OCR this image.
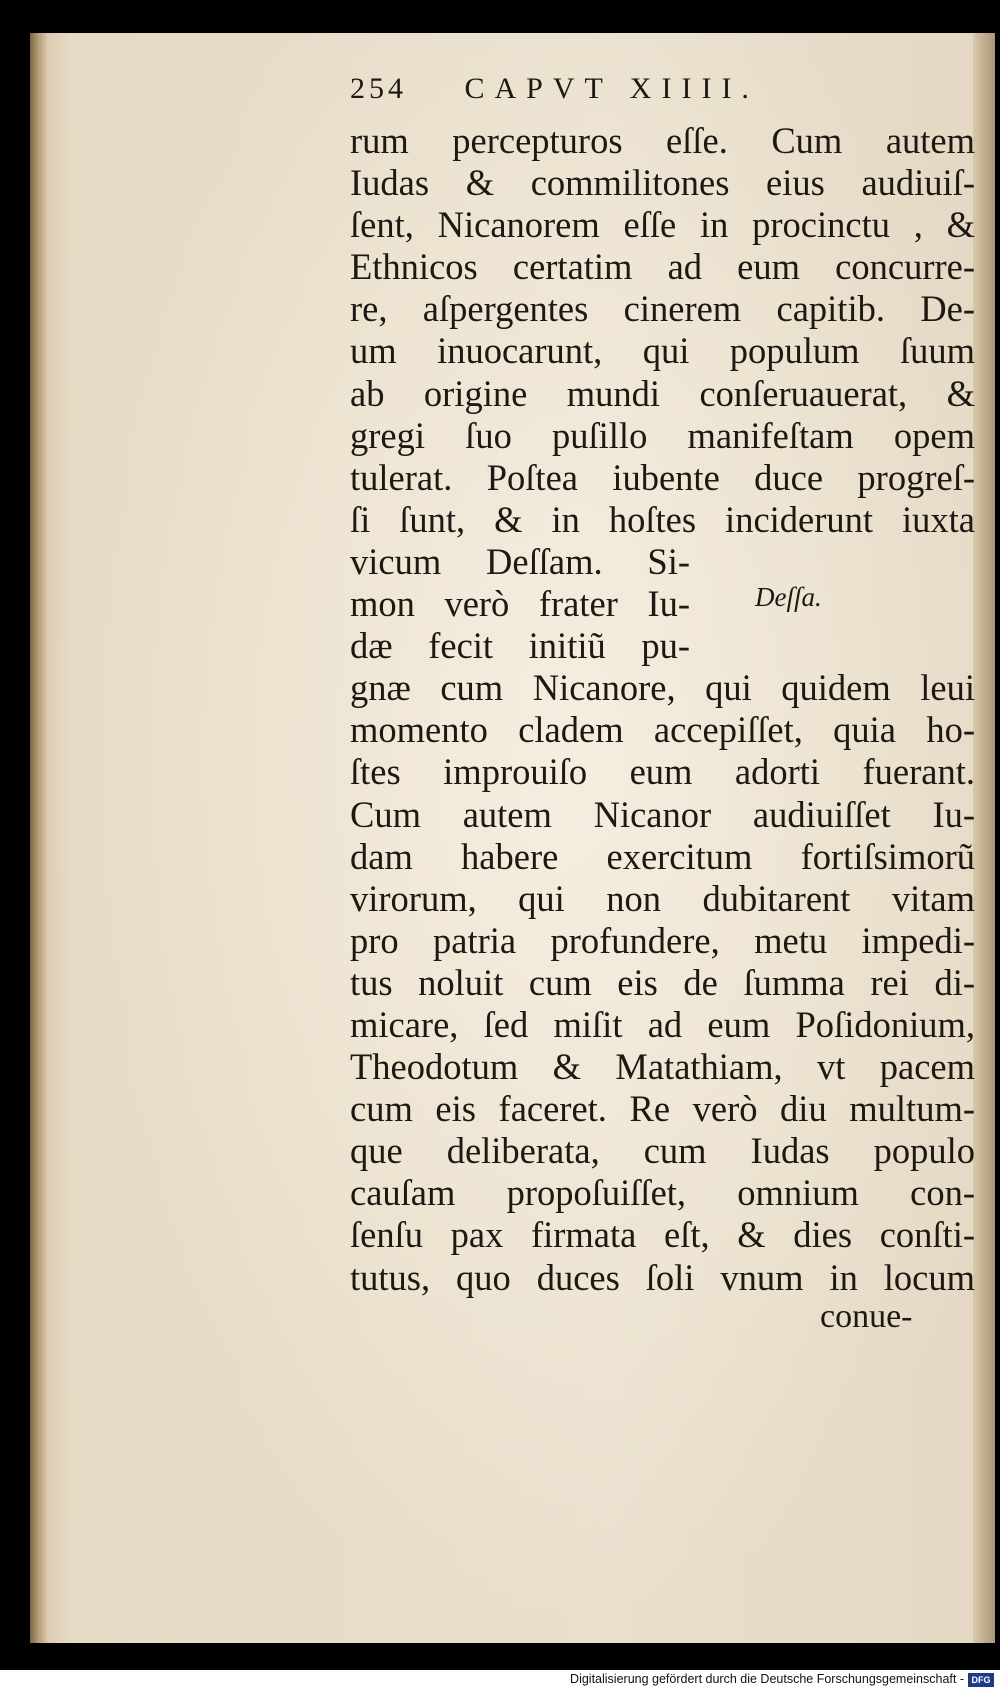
254 CAPVT XIIII.
rum percepturos eſſe. Cum autem
Iudas & commilitones eius audiuiſ-
ſent, Nicanorem eſſe in procinctu , &
Ethnicos certatim ad eum concurre-
re, aſpergentes cinerem capitib. De-
um inuocarunt, qui populum ſuum
ab origine mundi conſeruauerat, &
gregi ſuo puſillo manifeſtam opem
tulerat. Poſtea iubente duce progreſ-
ſi ſunt, & in hoſtes inciderunt iuxta
vicum Deſſam. Si-
mon verò frater Iu-
dæ fecit initiũ pu-
gnæ cum Nicanore, qui quidem leui
momento cladem accepiſſet, quia ho-
ſtes improuiſo eum adorti fuerant.
Cum autem Nicanor audiuiſſet Iu-
dam habere exercitum fortiſsimorũ
virorum, qui non dubitarent vitam
pro patria profundere, metu impedi-
tus noluit cum eis de ſumma rei di-
micare, ſed miſit ad eum Poſidonium,
Theodotum & Matathiam, vt pacem
cum eis faceret. Re verò diu multum-
que deliberata, cum Iudas populo
cauſam propoſuiſſet, omnium con-
ſenſu pax firmata eſt, & dies conſti-
tutus, quo duces ſoli vnum in locum
Deſſa.
conue-
Digitalisierung gefördert durch die Deutsche Forschungsgemeinschaft - DFG
